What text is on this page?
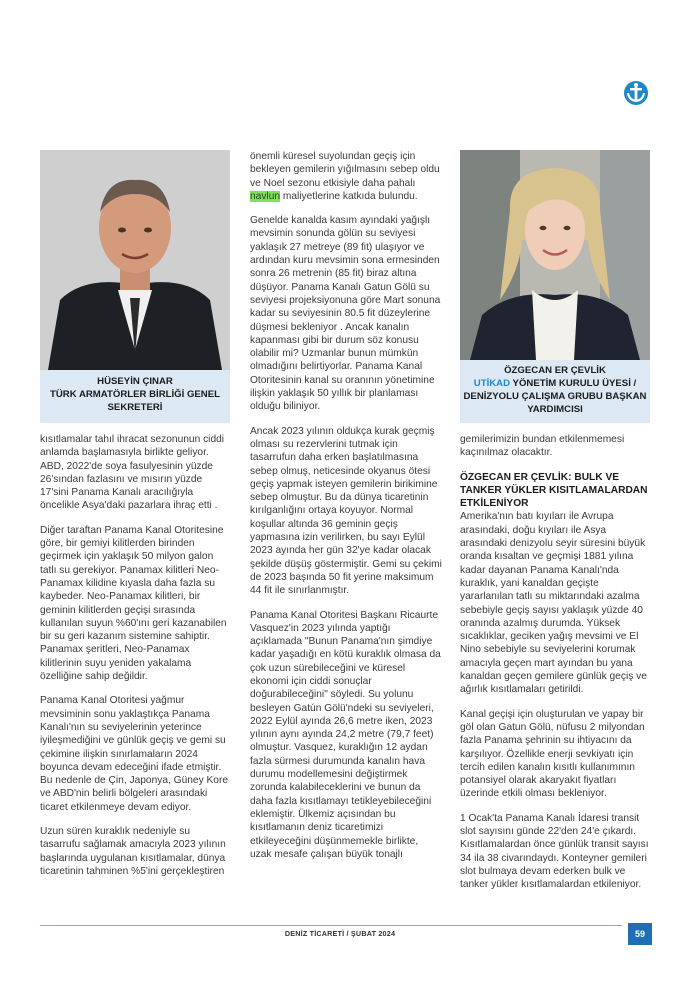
HÜSEYİN ÇINAR
TÜRK ARMATÖRLER BİRLİĞİ GENEL SEKRETERİ
ÖZGECAN ER ÇEVLİK
UTİKAD YÖNETİM KURULU ÜYESİ / DENİZYOLU ÇALIŞMA GRUBU BAŞKAN YARDIMCISI

kısıtlamalar tahıl ihracat sezonunun ciddi anlamda başlamasıyla birlikte geliyor. ABD, 2022'de soya fasulyesinin yüzde 26'sından fazlasını ve mısırın yüzde 17'sini Panama Kanalı aracılığıyla öncelikle Asya'daki pazarlara ihraç etti .

Diğer taraftan Panama Kanal Otoritesine göre, bir gemiyi kilitlerden birinden geçirmek için yaklaşık 50 milyon galon tatlı su gerekiyor. Panamax kilitleri Neo-Panamax kilidine kıyasla daha fazla su kaybeder. Neo-Panamax kilitleri, bir geminin kilitlerden geçişi sırasında kullanılan suyun %60'ını geri kazanabilen bir su geri kazanım sistemine sahiptir. Panamax şeritleri, Neo-Panamax kilitlerinin suyu yeniden yakalama özelliğine sahip değildir.

Panama Kanal Otoritesi yağmur mevsiminin sonu yaklaştıkça Panama Kanalı'nın su seviyelerinin yeterince iyileşmediğini ve günlük geçiş ve gemi su çekimine ilişkin sınırlamaların 2024 boyunca devam edeceğini ifade etmiştir. Bu nedenle de Çin, Japonya, Güney Kore ve ABD'nin belirli bölgeleri arasındaki ticaret etkilenmeye devam ediyor.

Uzun süren kuraklık nedeniyle su tasarrufu sağlamak amacıyla 2023 yılının başlarında uygulanan kısıtlamalar, dünya ticaretinin tahminen %5'ini gerçekleştiren

önemli küresel suyolundan geçiş için bekleyen gemilerin yığılmasını sebep oldu ve Noel sezonu etkisiyle daha pahalı navlun maliyetlerine katkıda bulundu.

Genelde kanalda kasım ayındaki yağışlı mevsimin sonunda gölün su seviyesi yaklaşık 27 metreye (89 fit) ulaşıyor ve ardından kuru mevsimin sona ermesinden sonra 26 metrenin (85 fit) biraz altına düşüyor. Panama Kanalı Gatun Gölü su seviyesi projeksiyonuna göre Mart sonuna kadar su seviyesinin 80.5 fit düzeylerine düşmesi bekleniyor . Ancak kanalın kapanması gibi bir durum söz konusu olabilir mi? Uzmanlar bunun mümkün olmadığını belirtiyorlar. Panama Kanal Otoritesinin kanal su oranının yönetimine ilişkin yaklaşık 50 yıllık bir planlaması olduğu biliniyor.

Ancak 2023 yılının oldukça kurak geçmiş olması su rezervlerini tutmak için tasarrufun daha erken başlatılmasına sebep olmuş, neticesinde okyanus ötesi geçiş yapmak isteyen gemilerin birikimine sebep olmuştur. Bu da dünya ticaretinin kırılganlığını ortaya koyuyor. Normal koşullar altında 36 geminin geçiş yapmasına izin verilirken, bu sayı Eylül 2023 ayında her gün 32'ye kadar olacak şekilde düşüş göstermiştir. Gemi su çekimi de 2023 başında 50 fit yerine maksimum 44 fit ile sınırlanmıştır.

Panama Kanal Otoritesi Başkanı Ricaurte Vasquez'in 2023 yılında yaptığı açıklamada "Bunun Panama'nın şimdiye kadar yaşadığı en kötü kuraklık olmasa da çok uzun sürebileceğini ve küresel ekonomi için ciddi sonuçlar doğurabileceğini" söyledi. Su yolunu besleyen Gatún Gölü'ndeki su seviyeleri, 2022 Eylül ayında 26,6 metre iken, 2023 yılının aynı ayında 24,2 metre (79,7 feet) olmuştur. Vasquez, kuraklığın 12 aydan fazla sürmesi durumunda kanalın hava durumu modellemesini değiştirmek zorunda kalabileceklerini ve bunun da daha fazla kısıtlamayı tetikleyebileceğini eklemiştir. Ülkemiz açısından bu kısıtlamanın deniz ticaretimizi etkileyeceğini düşünmemekle birlikte, uzak mesafe çalışan büyük tonajlı

gemilerimizin bundan etkilenmemesi kaçınılmaz olacaktır.

ÖZGECAN ER ÇEVLİK: BULK VE TANKER YÜKLER KISITLAMALARDAN ETKİLENİYOR

Amerika'nın batı kıyıları ile Avrupa arasındaki, doğu kıyıları ile Asya arasındaki denizyolu seyir süresini büyük oranda kısaltan ve geçmişi 1881 yılına kadar dayanan Panama Kanalı'nda kuraklık, yani kanaldan geçişte yararlanılan tatlı su miktarındaki azalma sebebiyle geçiş sayısı yaklaşık yüzde 40 oranında azalmış durumda. Yüksek sıcaklıklar, geciken yağış mevsimi ve El Nino sebebiyle su seviyelerini korumak amacıyla geçen mart ayından bu yana kanaldan geçen gemilere günlük geçiş ve ağırlık kısıtlamaları getirildi.

Kanal geçişi için oluşturulan ve yapay bir göl olan Gatun Gölü, nüfusu 2 milyondan fazla Panama şehrinin su ihtiyacını da karşılıyor. Özellikle enerji sevkiyatı için tercih edilen kanalın kısıtlı kullanımının potansiyel olarak akaryakıt fiyatları üzerinde etkili olması bekleniyor.

1 Ocak'ta Panama Kanalı İdaresi transit slot sayısını günde 22'den 24'e çıkardı. Kısıtlamalardan önce günlük transit sayısı 34 ila 38 civarındaydı. Konteyner gemileri slot bulmaya devam ederken bulk ve tanker yükler kısıtlamalardan etkileniyor.

DENİZ TİCARETİ / ŞUBAT 2024	59
